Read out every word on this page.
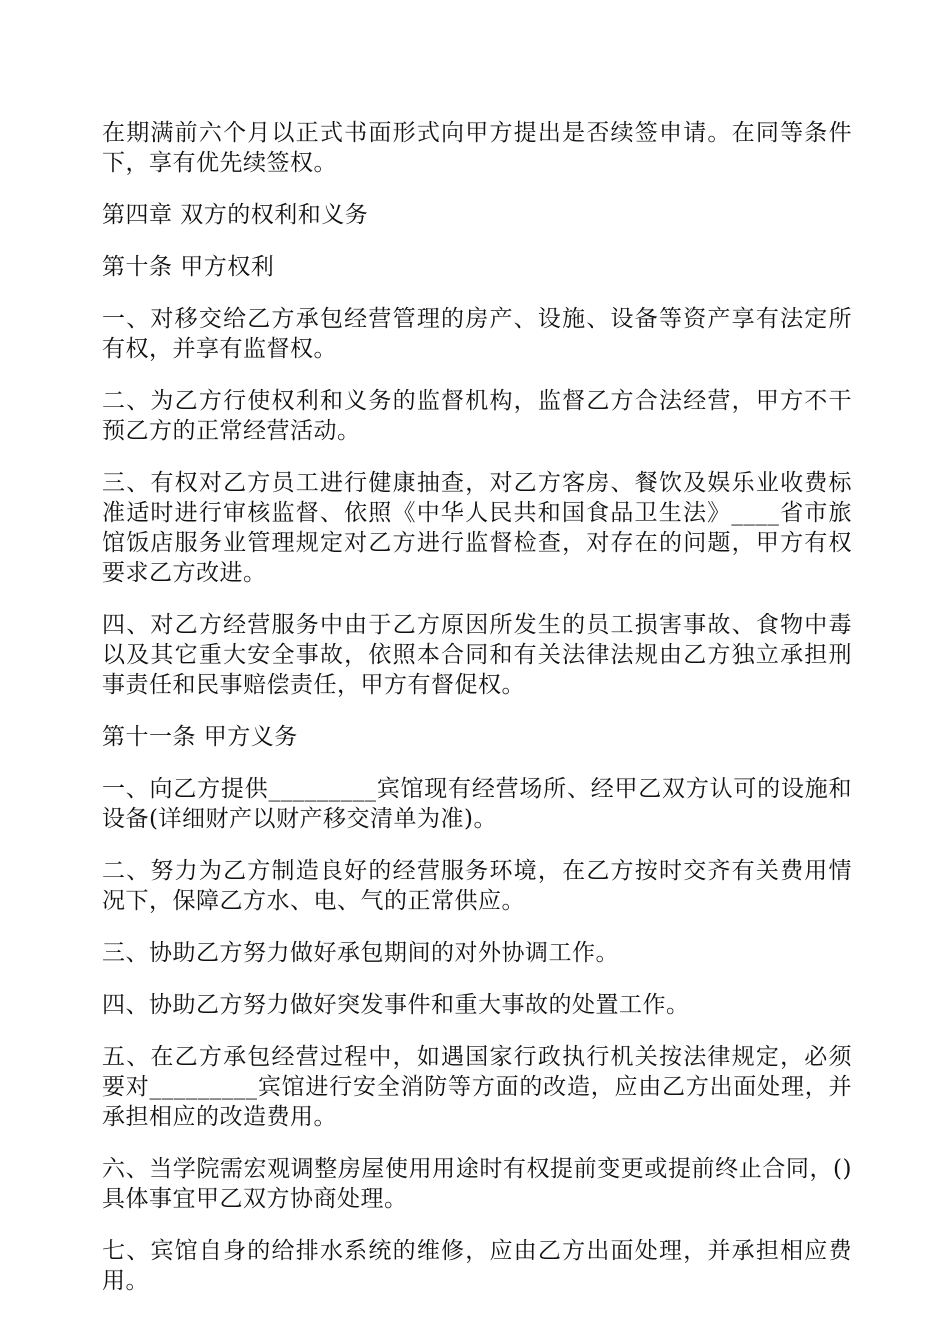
在期满前六个月以正式书面形式向甲方提出是否续签申请。在同等条件下，享有优先续签权。

第四章 双方的权利和义务

第十条 甲方权利

一、对移交给乙方承包经营管理的房产、设施、设备等资产享有法定所有权，并享有监督权。

二、为乙方行使权利和义务的监督机构，监督乙方合法经营，甲方不干预乙方的正常经营活动。

三、有权对乙方员工进行健康抽查，对乙方客房、餐饮及娱乐业收费标准适时进行审核监督、依照《中华人民共和国食品卫生法》____省市旅馆饭店服务业管理规定对乙方进行监督检查，对存在的问题，甲方有权要求乙方改进。

四、对乙方经营服务中由于乙方原因所发生的员工损害事故、食物中毒以及其它重大安全事故，依照本合同和有关法律法规由乙方独立承担刑事责任和民事赔偿责任，甲方有督促权。

第十一条 甲方义务

一、向乙方提供_________宾馆现有经营场所、经甲乙双方认可的设施和设备(详细财产以财产移交清单为准)。

二、努力为乙方制造良好的经营服务环境，在乙方按时交齐有关费用情况下，保障乙方水、电、气的正常供应。

三、协助乙方努力做好承包期间的对外协调工作。

四、协助乙方努力做好突发事件和重大事故的处置工作。

五、在乙方承包经营过程中，如遇国家行政执行机关按法律规定，必须要对_________宾馆进行安全消防等方面的改造，应由乙方出面处理，并承担相应的改造费用。

六、当学院需宏观调整房屋使用用途时有权提前变更或提前终止合同，()具体事宜甲乙双方协商处理。

七、宾馆自身的给排水系统的维修，应由乙方出面处理，并承担相应费用。
